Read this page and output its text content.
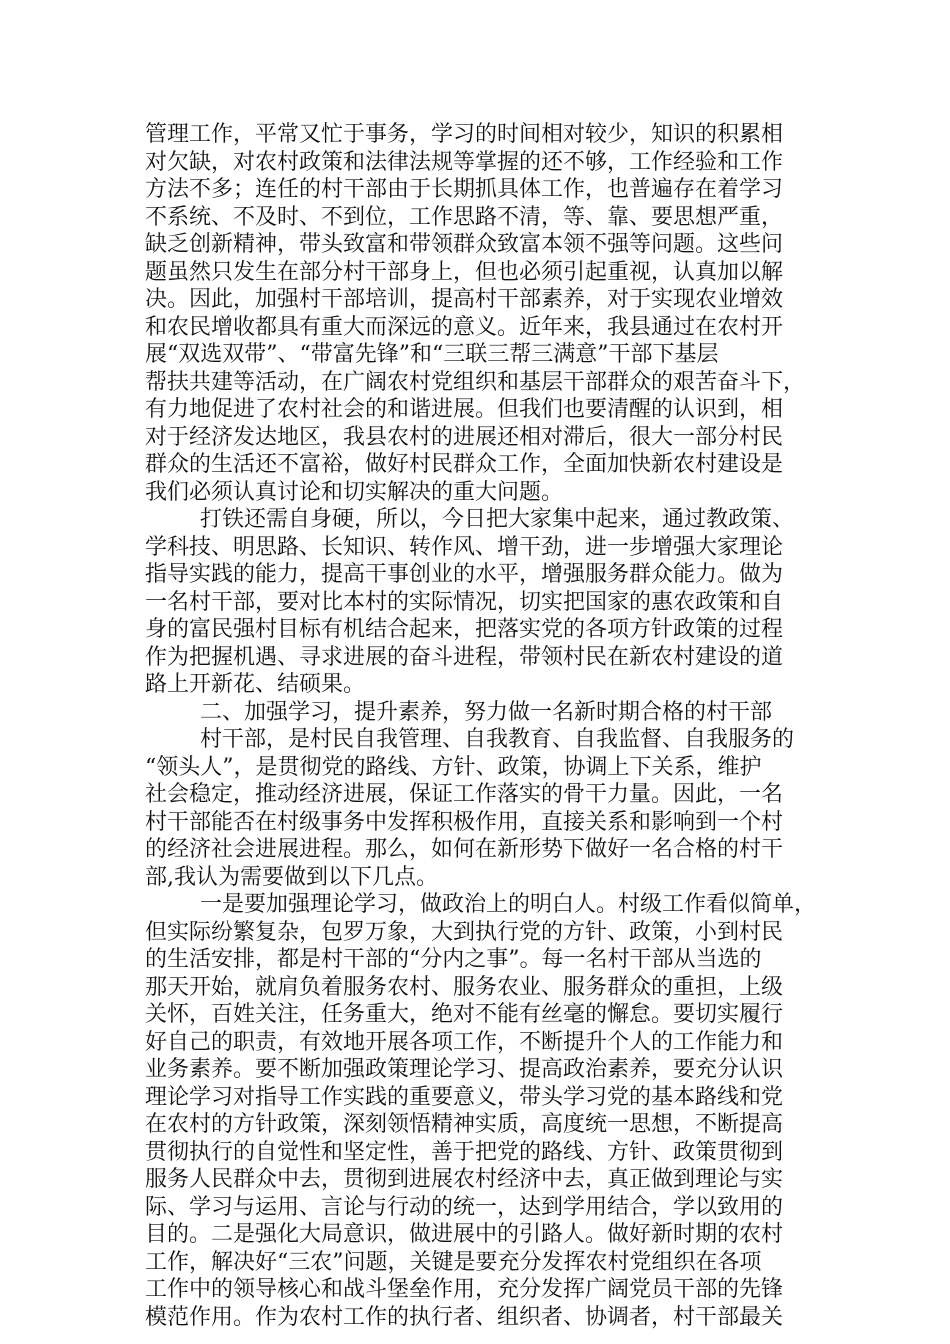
管理工作，平常又忙于事务，学习的时间相对较少，知识的积累相
对欠缺，对农村政策和法律法规等掌握的还不够，工作经验和工作
方法不多；连任的村干部由于长期抓具体工作，也普遍存在着学习
不系统、不及时、不到位，工作思路不清，等、靠、要思想严重，
缺乏创新精神，带头致富和带领群众致富本领不强等问题。这些问
题虽然只发生在部分村干部身上，但也必须引起重视，认真加以解
决。因此，加强村干部培训，提高村干部素养，对于实现农业增效
和农民增收都具有重大而深远的意义。近年来，我县通过在农村开
展“双选双带”、“带富先锋”和“三联三帮三满意”干部下基层
帮扶共建等活动，在广阔农村党组织和基层干部群众的艰苦奋斗下，
有力地促进了农村社会的和谐进展。但我们也要清醒的认识到，相
对于经济发达地区，我县农村的进展还相对滞后，很大一部分村民
群众的生活还不富裕，做好村民群众工作，全面加快新农村建设是
我们必须认真讨论和切实解决的重大问题。
打铁还需自身硬，所以，今日把大家集中起来，通过教政策、
学科技、明思路、长知识、转作风、增干劲，进一步增强大家理论
指导实践的能力，提高干事创业的水平，增强服务群众能力。做为
一名村干部，要对比本村的实际情况，切实把国家的惠农政策和自
身的富民强村目标有机结合起来，把落实党的各项方针政策的过程
作为把握机遇、寻求进展的奋斗进程，带领村民在新农村建设的道
路上开新花、结硕果。
二、加强学习，提升素养，努力做一名新时期合格的村干部
村干部，是村民自我管理、自我教育、自我监督、自我服务的
“领头人”，是贯彻党的路线、方针、政策，协调上下关系，维护
社会稳定，推动经济进展，保证工作落实的骨干力量。因此，一名
村干部能否在村级事务中发挥积极作用，直接关系和影响到一个村
的经济社会进展进程。那么，如何在新形势下做好一名合格的村干
部,我认为需要做到以下几点。
一是要加强理论学习，做政治上的明白人。村级工作看似简单，
但实际纷繁复杂，包罗万象，大到执行党的方针、政策，小到村民
的生活安排，都是村干部的“分内之事”。每一名村干部从当选的
那天开始，就肩负着服务农村、服务农业、服务群众的重担，上级
关怀，百姓关注，任务重大，绝对不能有丝毫的懈怠。要切实履行
好自己的职责，有效地开展各项工作，不断提升个人的工作能力和
业务素养。要不断加强政策理论学习、提高政治素养，要充分认识
理论学习对指导工作实践的重要意义，带头学习党的基本路线和党
在农村的方针政策，深刻领悟精神实质，高度统一思想，不断提高
贯彻执行的自觉性和坚定性，善于把党的路线、方针、政策贯彻到
服务人民群众中去，贯彻到进展农村经济中去，真正做到理论与实
际、学习与运用、言论与行动的统一，达到学用结合，学以致用的
目的。二是强化大局意识，做进展中的引路人。做好新时期的农村
工作，解决好“三农”问题，关键是要充分发挥农村党组织在各项
工作中的领导核心和战斗堡垒作用，充分发挥广阔党员干部的先锋
模范作用。作为农村工作的执行者、组织者、协调者，村干部最关
